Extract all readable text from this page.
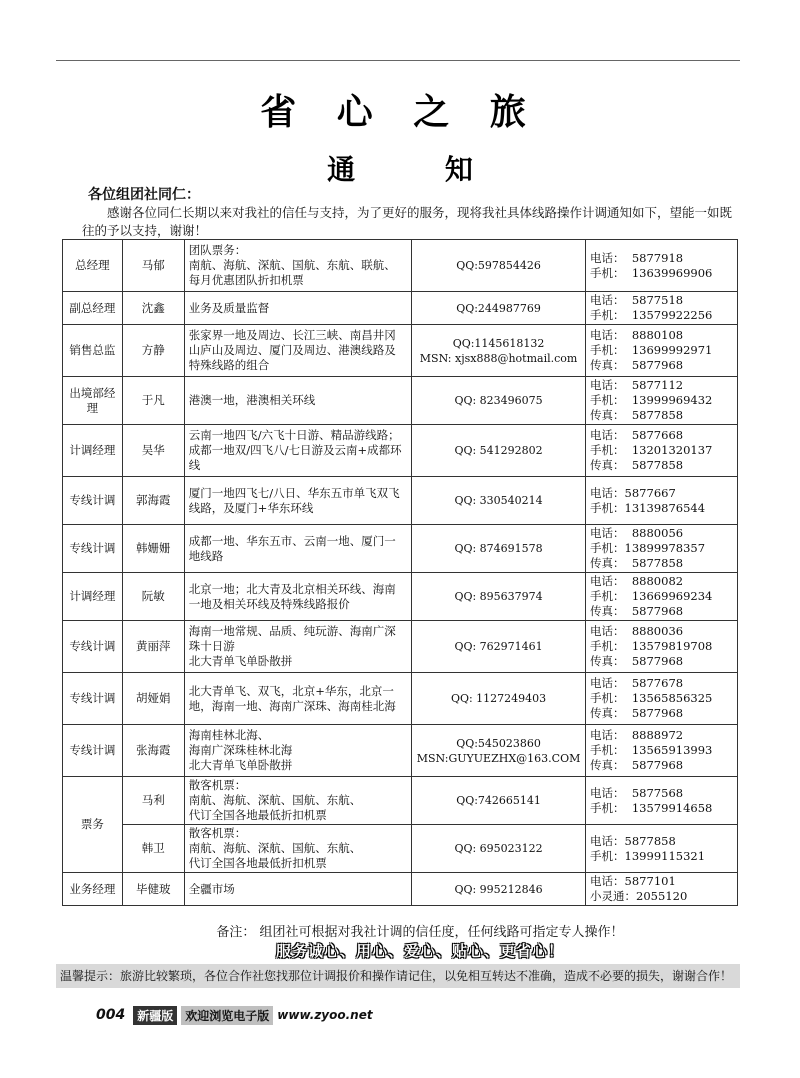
省 心 之 旅
通 知
各位组团社同仁：
感谢各位同仁长期以来对我社的信任与支持，为了更好的服务，现将我社具体线路操作计调通知如下，望能一如既往的予以支持，谢谢！
总经理	马郁	团队票务：
南航、海航、深航、国航、东航、联航、每月优惠团队折扣机票	QQ:597854426	电话：  5877918
手机：  13639969906

副总经理	沈鑫	业务及质量监督	QQ:244987769	电话：  5877518
手机：  13579922256

销售总监	方静	张家界一地及周边、长江三峡、南昌井冈山庐山及周边、厦门及周边、港澳线路及特殊线路的组合	QQ:1145618132
MSN: xjsx888@hotmail.com	电话：  8880108
手机：  13699992971
传真：  5877968

出境部经理	于凡	港澳一地，港澳相关环线	QQ: 823496075	电话：  5877112
手机：  13999969432
传真：  5877858

计调经理	吴华	云南一地四飞/六飞十日游、精品游线路；成都一地双/四飞八/七日游及云南+成都环线	QQ: 541292802	电话：  5877668
手机：  13201320137
传真：  5877858

专线计调	郭海霞	厦门一地四飞七/八日、华东五市单飞双飞线路，及厦门+华东环线	QQ: 330540214	电话：5877667
手机：13139876544

专线计调	韩姗姗	成都一地、华东五市、云南一地、厦门一地线路	QQ: 874691578	电话：  8880056
手机：13899978357
传真：  5877858

计调经理	阮敏	北京一地；北大青及北京相关环线、海南一地及相关环线及特殊线路报价	QQ: 895637974	电话：  8880082
手机：  13669969234
传真：  5877968

专线计调	黄丽萍	海南一地常规、品质、纯玩游、海南广深珠十日游
北大青单飞单卧散拼	QQ: 762971461	电话：  8880036
手机：  13579819708
传真：  5877968

专线计调	胡娅娟	北大青单飞、双飞，北京+华东，北京一地，海南一地、海南广深珠、海南桂北海	QQ: 1127249403	电话：  5877678
手机：  13565856325
传真：  5877968

专线计调	张海霞	海南桂林北海、
海南广深珠桂林北海
北大青单飞单卧散拼	QQ:545023860
MSN:GUYUEZHX@163.COM	电话：  8888972
手机：  13565913993
传真：  5877968

票务	马利	散客机票：
南航、海航、深航、国航、东航、
代订全国各地最低折扣机票	QQ:742665141	电话：  5877568
手机：  13579914658

	韩卫	散客机票：
南航、海航、深航、国航、东航、
代订全国各地最低折扣机票	QQ: 695023122	电话：5877858
手机：13999115321

业务经理	毕健玻	全疆市场	QQ: 995212846	电话：5877101
小灵通：2055120
备注： 组团社可根据对我社计调的信任度，任何线路可指定专人操作！
服务诚心、用心、爱心、贴心、更省心！
温馨提示：旅游比较繁琐，各位合作社您找那位计调报价和操作请记住，以免相互转达不准确，造成不必要的损失，谢谢合作！
004	新疆版	欢迎浏览电子版 www.zyoo.net
